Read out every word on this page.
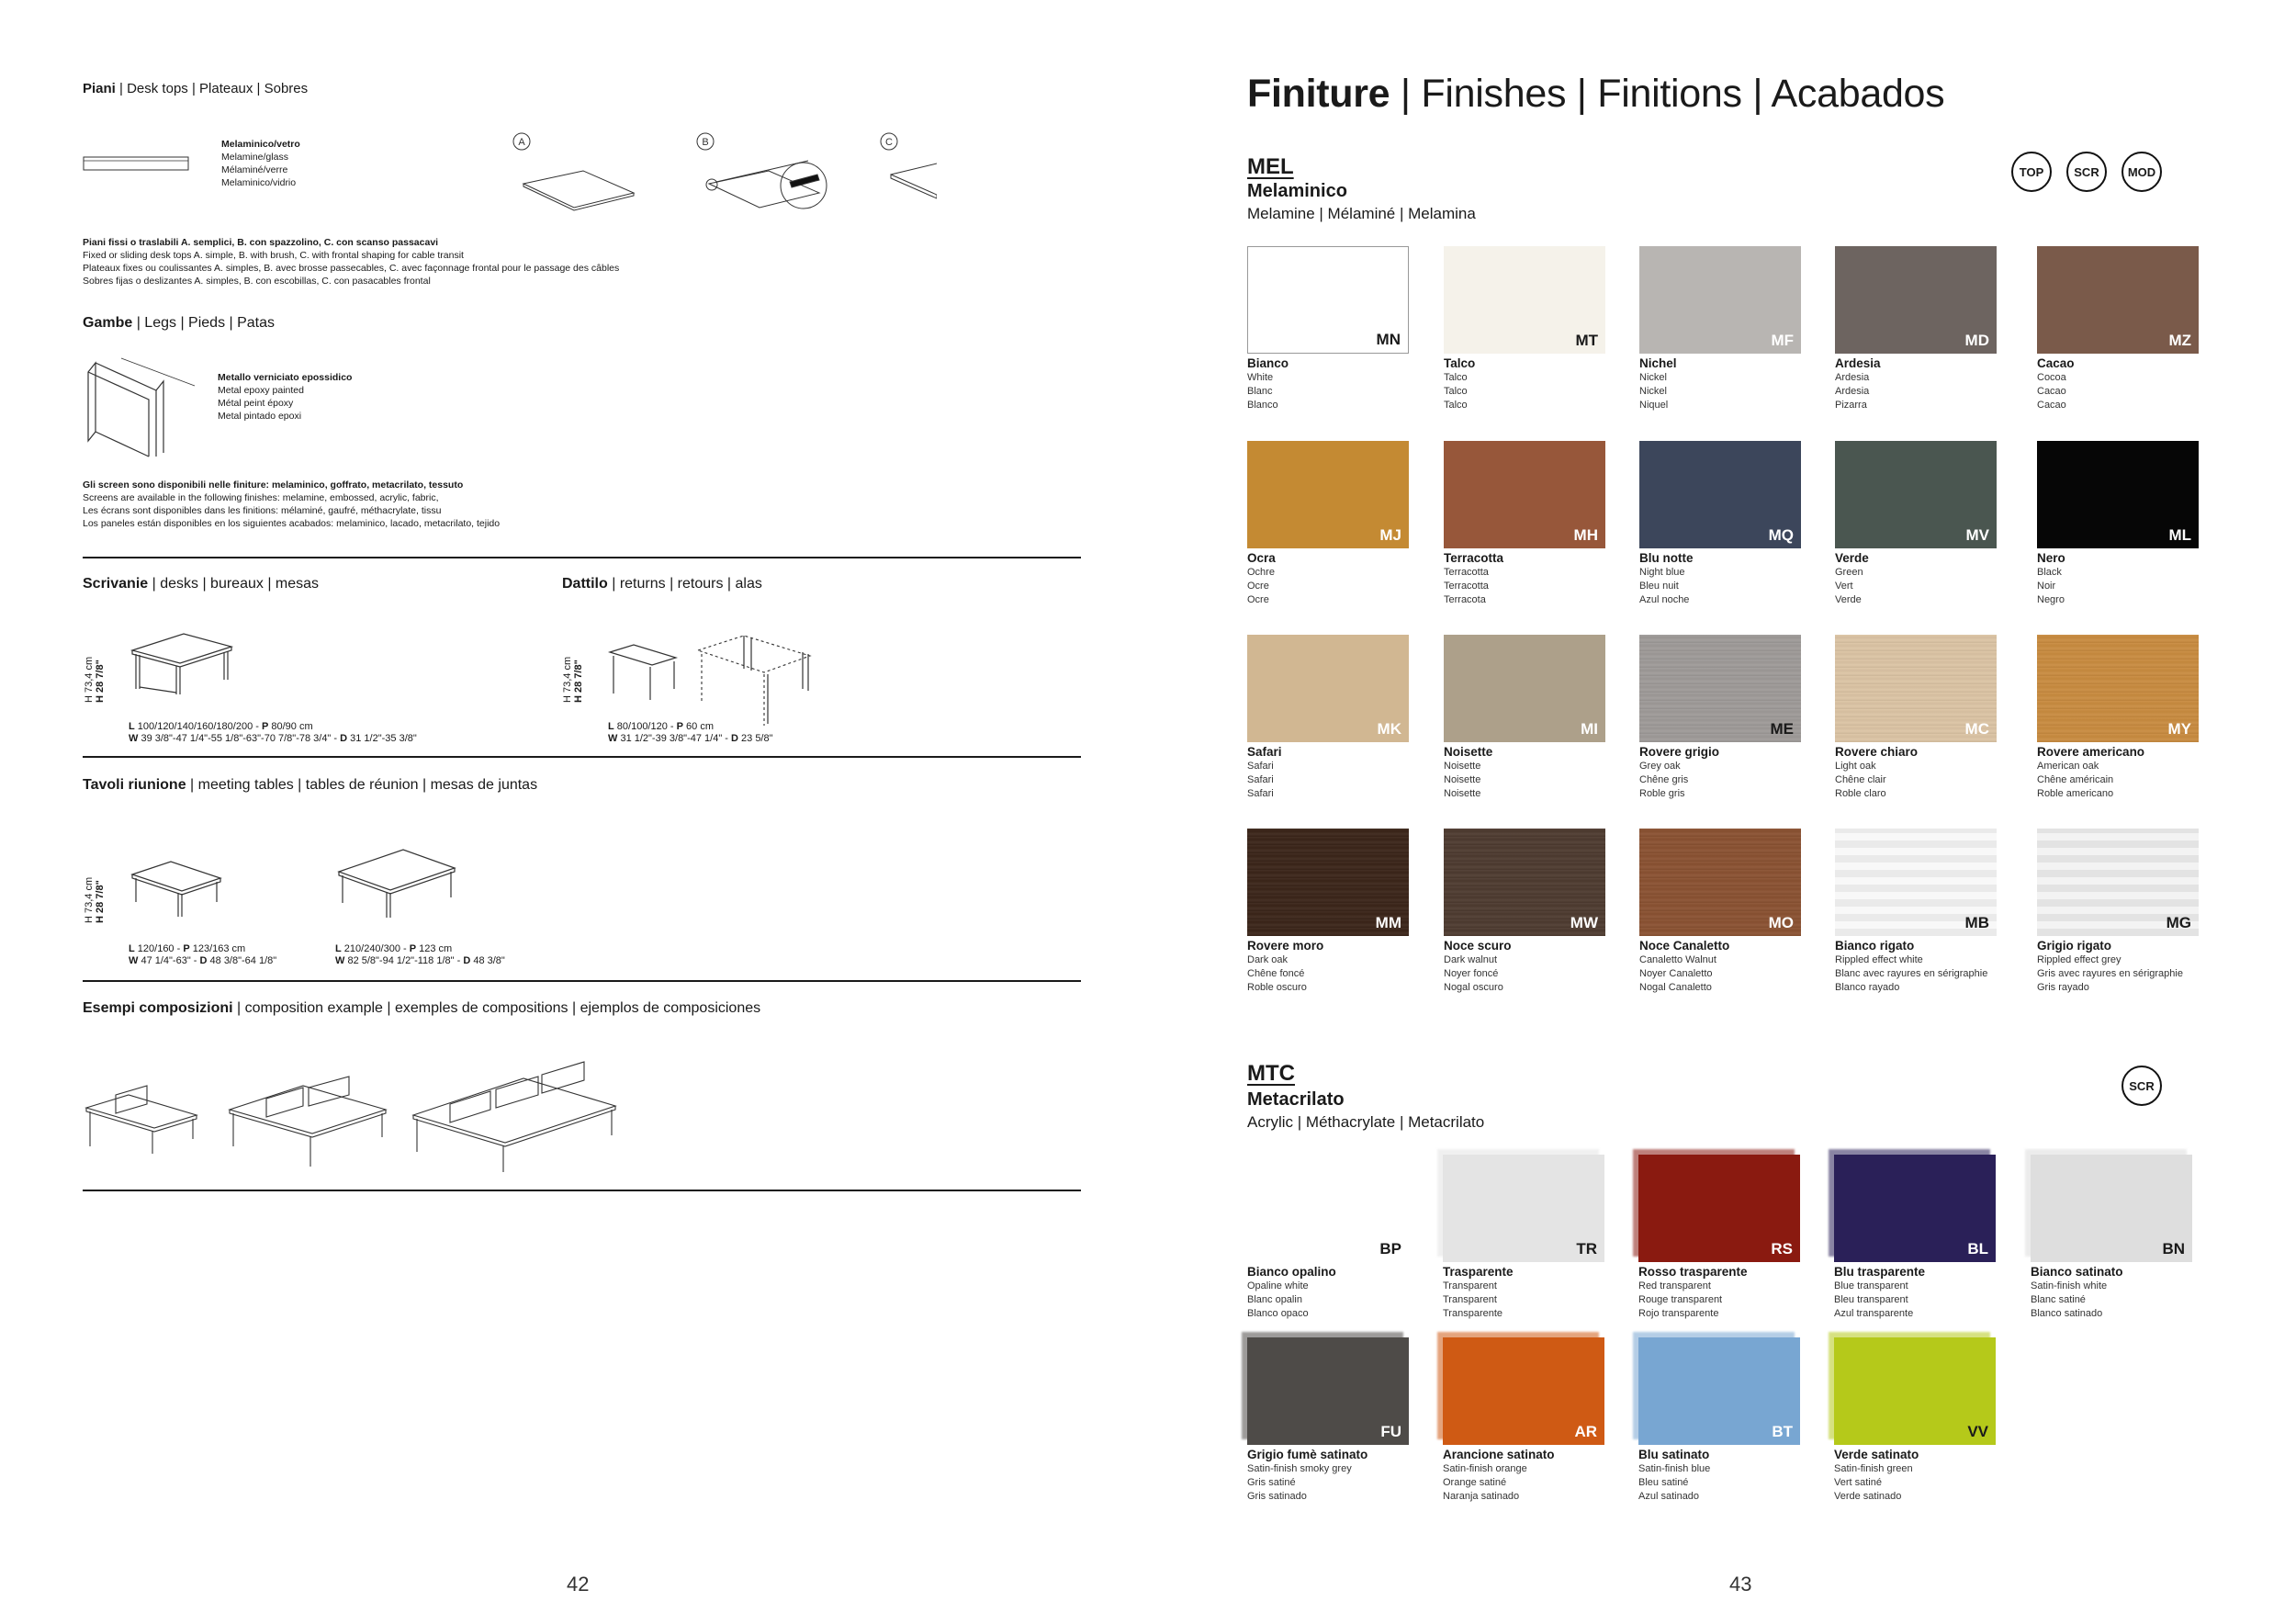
Piani | Desk tops | Plateaux | Sobres
Melaminico/vetro
Melamine/glass
Mélaminé/verre
Melaminico/vidrio
A	B	C
Piani fissi o traslabili A. semplici, B. con spazzolino, C. con scanso passacavi
Fixed or sliding desk tops A. simple, B. with brush, C. with frontal shaping for cable transit
Plateaux fixes ou coulissantes A. simples, B. avec brosse passecables, C. avec façonnage frontal pour le passage des câbles
Sobres fijas o deslizantes A. simples, B. con escobillas, C. con pasacables frontal
Gambe | Legs | Pieds | Patas
Metallo verniciato epossidico
Metal epoxy painted
Métal peint époxy
Metal pintado epoxi
Gli screen sono disponibili nelle finiture: melaminico, goffrato, metacrilato, tessuto
Screens are available in the following finishes: melamine, embossed, acrylic, fabric,
Les écrans sont disponibles dans les finitions: mélaminé, gaufré, méthacrylate, tissu
Los paneles están disponibles en los siguientes acabados: melaminico, lacado, metacrilato, tejido
Scrivanie | desks | bureaux | mesas	Dattilo | returns | retours | alas
H 73,4 cm H 28 7/8"	H 73,4 cm H 28 7/8"
L 100/120/140/160/180/200 - P 80/90 cm
W 39 3/8"-47 1/4"-55 1/8"-63"-70 7/8"-78 3/4" - D 31 1/2"-35 3/8"
L 80/100/120 - P 60 cm
W 31 1/2"-39 3/8"-47 1/4" - D 23 5/8"
Tavoli riunione | meeting tables | tables de réunion | mesas de juntas
H 73,4 cm H 28 7/8"
L 120/160 - P 123/163 cm
W 47 1/4"-63" - D 48 3/8"-64 1/8"
L 210/240/300 - P 123 cm
W 82 5/8"-94 1/2"-118 1/8" - D 48 3/8"
Esempi composizioni | composition example | exemples de compositions | ejemplos de composiciones
42
Finiture | Finishes | Finitions | Acabados
MEL
Melaminico
Melamine | Mélaminé | Melamina
TOP	SCR	MOD
MN
Bianco
White
Blanc
Blanco
MT
Talco
Talco
Talco
Talco
MF
Nichel
Nickel
Nickel
Niquel
MD
Ardesia
Ardesia
Ardesia
Pizarra
MZ
Cacao
Cocoa
Cacao
Cacao
MJ
Ocra
Ochre
Ocre
Ocre
MH
Terracotta
Terracotta
Terracotta
Terracota
MQ
Blu notte
Night blue
Bleu nuit
Azul noche
MV
Verde
Green
Vert
Verde
ML
Nero
Black
Noir
Negro
MK
Safari
Safari
Safari
Safari
MI
Noisette
Noisette
Noisette
Noisette
ME
Rovere grigio
Grey oak
Chêne gris
Roble gris
MC
Rovere chiaro
Light oak
Chêne clair
Roble claro
MY
Rovere americano
American oak
Chêne américain
Roble americano
MM
Rovere moro
Dark oak
Chêne foncé
Roble oscuro
MW
Noce scuro
Dark walnut
Noyer foncé
Nogal oscuro
MO
Noce Canaletto
Canaletto Walnut
Noyer Canaletto
Nogal Canaletto
MB
Bianco rigato
Rippled effect white
Blanc avec rayures en sérigraphie
Blanco rayado
MG
Grigio rigato
Rippled effect grey
Gris avec rayures en sérigraphie
Gris rayado
MTC
Metacrilato
Acrylic | Méthacrylate | Metacrilato
SCR
BP
Bianco opalino
Opaline white
Blanc opalin
Blanco opaco
TR
Trasparente
Transparent
Transparent
Transparente
RS
Rosso trasparente
Red transparent
Rouge transparent
Rojo transparente
BL
Blu trasparente
Blue transparent
Bleu transparent
Azul transparente
BN
Bianco satinato
Satin-finish white
Blanc satiné
Blanco satinado
FU
Grigio fumè satinato
Satin-finish smoky grey
Gris satiné
Gris satinado
AR
Arancione satinato
Satin-finish orange
Orange satiné
Naranja satinado
BT
Blu satinato
Satin-finish blue
Bleu satiné
Azul satinado
VV
Verde satinato
Satin-finish green
Vert satiné
Verde satinado
43
